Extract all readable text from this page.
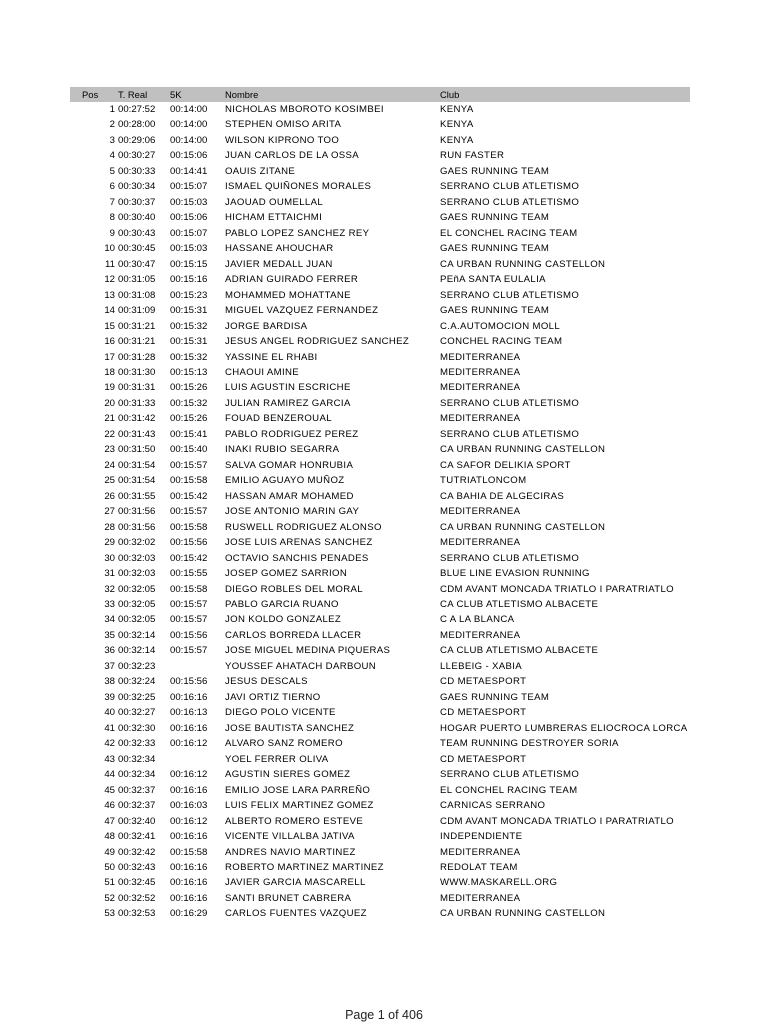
Pos T. Real 5K	Nombre	Club
1 00:27:52 00:14:00 NICHOLAS MBOROTO KOSIMBEI	KENYA
2 00:28:00 00:14:00 STEPHEN OMISO ARITA	KENYA
3 00:29:06 00:14:00 WILSON KIPRONO TOO	KENYA
4 00:30:27 00:15:06 JUAN CARLOS DE LA OSSA	RUN FASTER
5 00:30:33 00:14:41 OAUIS ZITANE	GAES RUNNING TEAM
6 00:30:34 00:15:07 ISMAEL QUIÑONES MORALES	SERRANO CLUB ATLETISMO
7 00:30:37 00:15:03 JAOUAD OUMELLAL	SERRANO CLUB ATLETISMO
8 00:30:40 00:15:06 HICHAM ETTAICHMI	GAES RUNNING TEAM
9 00:30:43 00:15:07 PABLO LOPEZ SANCHEZ REY	EL CONCHEL RACING TEAM
10 00:30:45 00:15:03 HASSANE AHOUCHAR	GAES RUNNING TEAM
11 00:30:47 00:15:15 JAVIER MEDALL JUAN	CA URBAN RUNNING CASTELLON
12 00:31:05 00:15:16 ADRIAN GUIRADO FERRER	PEñA SANTA EULALIA
13 00:31:08 00:15:23 MOHAMMED MOHATTANE	SERRANO CLUB ATLETISMO
14 00:31:09 00:15:31 MIGUEL VAZQUEZ FERNANDEZ	GAES RUNNING TEAM
15 00:31:21 00:15:32 JORGE BARDISA	C.A.AUTOMOCION MOLL
16 00:31:21 00:15:31 JESUS ANGEL RODRIGUEZ SANCHEZ	CONCHEL RACING TEAM
17 00:31:28 00:15:32 YASSINE EL RHABI	MEDITERRANEA
18 00:31:30 00:15:13 CHAOUI AMINE	MEDITERRANEA
19 00:31:31 00:15:26 LUIS AGUSTIN ESCRICHE	MEDITERRANEA
20 00:31:33 00:15:32 JULIAN RAMIREZ GARCIA	SERRANO CLUB ATLETISMO
21 00:31:42 00:15:26 FOUAD BENZEROUAL	MEDITERRANEA
22 00:31:43 00:15:41 PABLO RODRIGUEZ PEREZ	SERRANO CLUB ATLETISMO
23 00:31:50 00:15:40 INAKI RUBIO SEGARRA	CA URBAN RUNNING CASTELLON
24 00:31:54 00:15:57 SALVA GOMAR HONRUBIA	CA SAFOR DELIKIA SPORT
25 00:31:54 00:15:58 EMILIO AGUAYO MUÑOZ	TUTRIATLONCOM
26 00:31:55 00:15:42 HASSAN AMAR MOHAMED	CA BAHIA DE ALGECIRAS
27 00:31:56 00:15:57 JOSE ANTONIO MARIN GAY	MEDITERRANEA
28 00:31:56 00:15:58 RUSWELL RODRIGUEZ ALONSO	CA URBAN RUNNING CASTELLON
29 00:32:02 00:15:56 JOSE LUIS ARENAS SANCHEZ	MEDITERRANEA
30 00:32:03 00:15:42 OCTAVIO SANCHIS PENADES	SERRANO CLUB ATLETISMO
31 00:32:03 00:15:55 JOSEP GOMEZ SARRION	BLUE LINE EVASION RUNNING
32 00:32:05 00:15:58 DIEGO ROBLES DEL MORAL	CDM AVANT MONCADA TRIATLO I PARATRIATLO
33 00:32:05 00:15:57 PABLO GARCIA RUANO	CA CLUB ATLETISMO ALBACETE
34 00:32:05 00:15:57 JON KOLDO GONZALEZ	C A LA BLANCA
35 00:32:14 00:15:56 CARLOS BORREDA LLACER	MEDITERRANEA
36 00:32:14 00:15:57 JOSE MIGUEL MEDINA PIQUERAS	CA CLUB ATLETISMO ALBACETE
37 00:32:23	YOUSSEF AHATACH DARBOUN	LLEBEIG - XABIA
38 00:32:24 00:15:56 JESUS DESCALS	CD METAESPORT
39 00:32:25 00:16:16 JAVI ORTIZ TIERNO	GAES RUNNING TEAM
40 00:32:27 00:16:13 DIEGO POLO VICENTE	CD METAESPORT
41 00:32:30 00:16:16 JOSE BAUTISTA SANCHEZ	HOGAR PUERTO LUMBRERAS ELIOCROCA LORCA
42 00:32:33 00:16:12 ALVARO SANZ ROMERO	TEAM RUNNING DESTROYER SORIA
43 00:32:34	YOEL FERRER OLIVA	CD METAESPORT
44 00:32:34 00:16:12 AGUSTIN SIERES GOMEZ	SERRANO CLUB ATLETISMO
45 00:32:37 00:16:16 EMILIO JOSE LARA PARREÑO	EL CONCHEL RACING TEAM
46 00:32:37 00:16:03 LUIS FELIX MARTINEZ GOMEZ	CARNICAS SERRANO
47 00:32:40 00:16:12 ALBERTO ROMERO ESTEVE	CDM AVANT MONCADA TRIATLO I PARATRIATLO
48 00:32:41 00:16:16 VICENTE VILLALBA JATIVA	INDEPENDIENTE
49 00:32:42 00:15:58 ANDRES NAVIO MARTINEZ	MEDITERRANEA
50 00:32:43 00:16:16 ROBERTO MARTINEZ MARTINEZ	REDOLAT TEAM
51 00:32:45 00:16:16 JAVIER GARCIA MASCARELL	WWW.MASKARELL.ORG
52 00:32:52 00:16:16 SANTI BRUNET CABRERA	MEDITERRANEA
53 00:32:53 00:16:29 CARLOS FUENTES VAZQUEZ	CA URBAN RUNNING CASTELLON
Page 1 of 406
